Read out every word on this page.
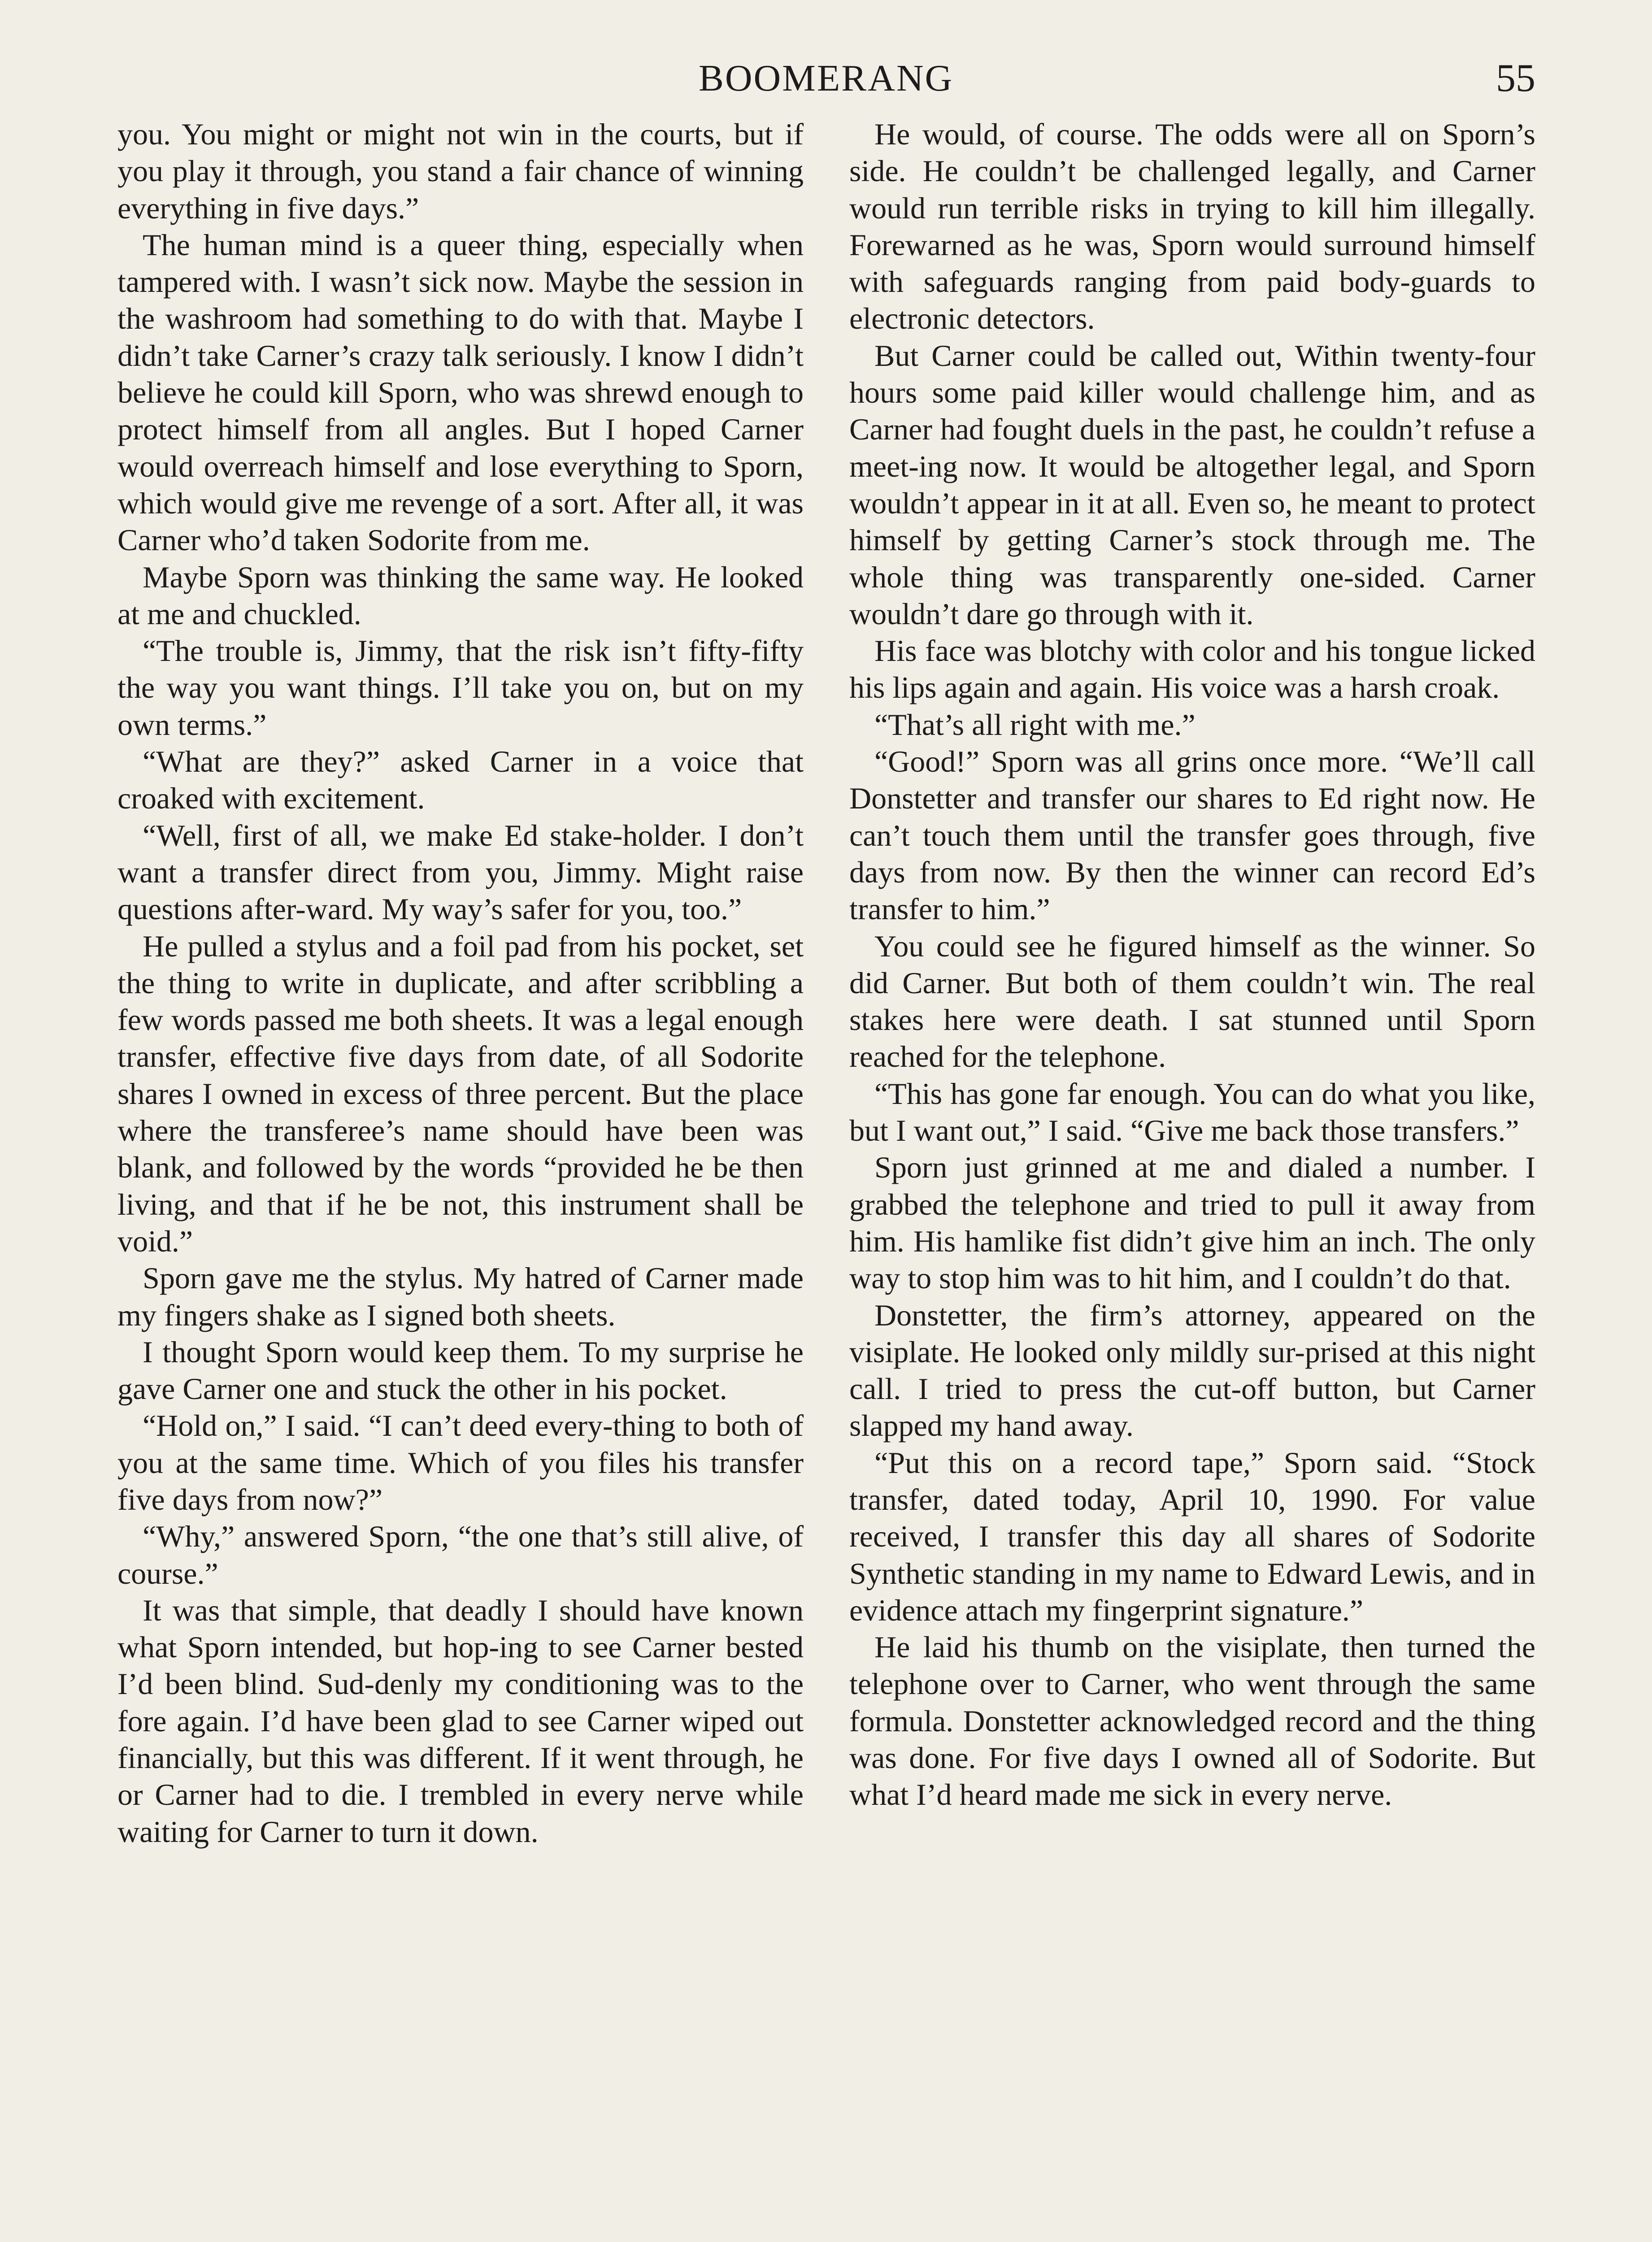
BOOMERANG	55

you. You might or might not win in the courts, but if you play it through, you stand a fair chance of winning everything in five days.”

The human mind is a queer thing, especially when tampered with. I wasn’t sick now. Maybe the session in the washroom had something to do with that. Maybe I didn’t take Carner’s crazy talk seriously. I know I didn’t believe he could kill Sporn, who was shrewd enough to protect himself from all angles. But I hoped Carner would overreach himself and lose everything to Sporn, which would give me revenge of a sort. After all, it was Carner who’d taken Sodorite from me.

Maybe Sporn was thinking the same way. He looked at me and chuckled.

“The trouble is, Jimmy, that the risk isn’t fifty-fifty the way you want things. I’ll take you on, but on my own terms.”

“What are they?” asked Carner in a voice that croaked with excitement.

“Well, first of all, we make Ed stake-holder. I don’t want a transfer direct from you, Jimmy. Might raise questions after-ward. My way’s safer for you, too.”

He pulled a stylus and a foil pad from his pocket, set the thing to write in duplicate, and after scribbling a few words passed me both sheets. It was a legal enough transfer, effective five days from date, of all Sodorite shares I owned in excess of three percent. But the place where the transferee’s name should have been was blank, and followed by the words “provided he be then living, and that if he be not, this instrument shall be void.”

Sporn gave me the stylus. My hatred of Carner made my fingers shake as I signed both sheets.

I thought Sporn would keep them. To my surprise he gave Carner one and stuck the other in his pocket.

“Hold on,” I said. “I can’t deed every-thing to both of you at the same time. Which of you files his transfer five days from now?”

“Why,” answered Sporn, “the one that’s still alive, of course.”

It was that simple, that deadly I should have known what Sporn intended, but hop-ing to see Carner bested I’d been blind. Sud-denly my conditioning was to the fore again. I’d have been glad to see Carner wiped out financially, but this was different. If it went through, he or Carner had to die. I trembled in every nerve while waiting for Carner to turn it down.

He would, of course. The odds were all on Sporn’s side. He couldn’t be challenged legally, and Carner would run terrible risks in trying to kill him illegally. Forewarned as he was, Sporn would surround himself with safeguards ranging from paid body-guards to electronic detectors.

But Carner could be called out, Within twenty-four hours some paid killer would challenge him, and as Carner had fought duels in the past, he couldn’t refuse a meet-ing now. It would be altogether legal, and Sporn wouldn’t appear in it at all. Even so, he meant to protect himself by getting Carner’s stock through me. The whole thing was transparently one-sided. Carner wouldn’t dare go through with it.

His face was blotchy with color and his tongue licked his lips again and again. His voice was a harsh croak.

“That’s all right with me.”

“Good!” Sporn was all grins once more. “We’ll call Donstetter and transfer our shares to Ed right now. He can’t touch them until the transfer goes through, five days from now. By then the winner can record Ed’s transfer to him.”

You could see he figured himself as the winner. So did Carner. But both of them couldn’t win. The real stakes here were death. I sat stunned until Sporn reached for the telephone.

“This has gone far enough. You can do what you like, but I want out,” I said. “Give me back those transfers.”

Sporn just grinned at me and dialed a number. I grabbed the telephone and tried to pull it away from him. His hamlike fist didn’t give him an inch. The only way to stop him was to hit him, and I couldn’t do that.

Donstetter, the firm’s attorney, appeared on the visiplate. He looked only mildly sur-prised at this night call. I tried to press the cut-off button, but Carner slapped my hand away.

“Put this on a record tape,” Sporn said. “Stock transfer, dated today, April 10, 1990. For value received, I transfer this day all shares of Sodorite Synthetic standing in my name to Edward Lewis, and in evidence attach my fingerprint signature.”

He laid his thumb on the visiplate, then turned the telephone over to Carner, who went through the same formula. Donstetter acknowledged record and the thing was done. For five days I owned all of Sodorite. But what I’d heard made me sick in every nerve.
